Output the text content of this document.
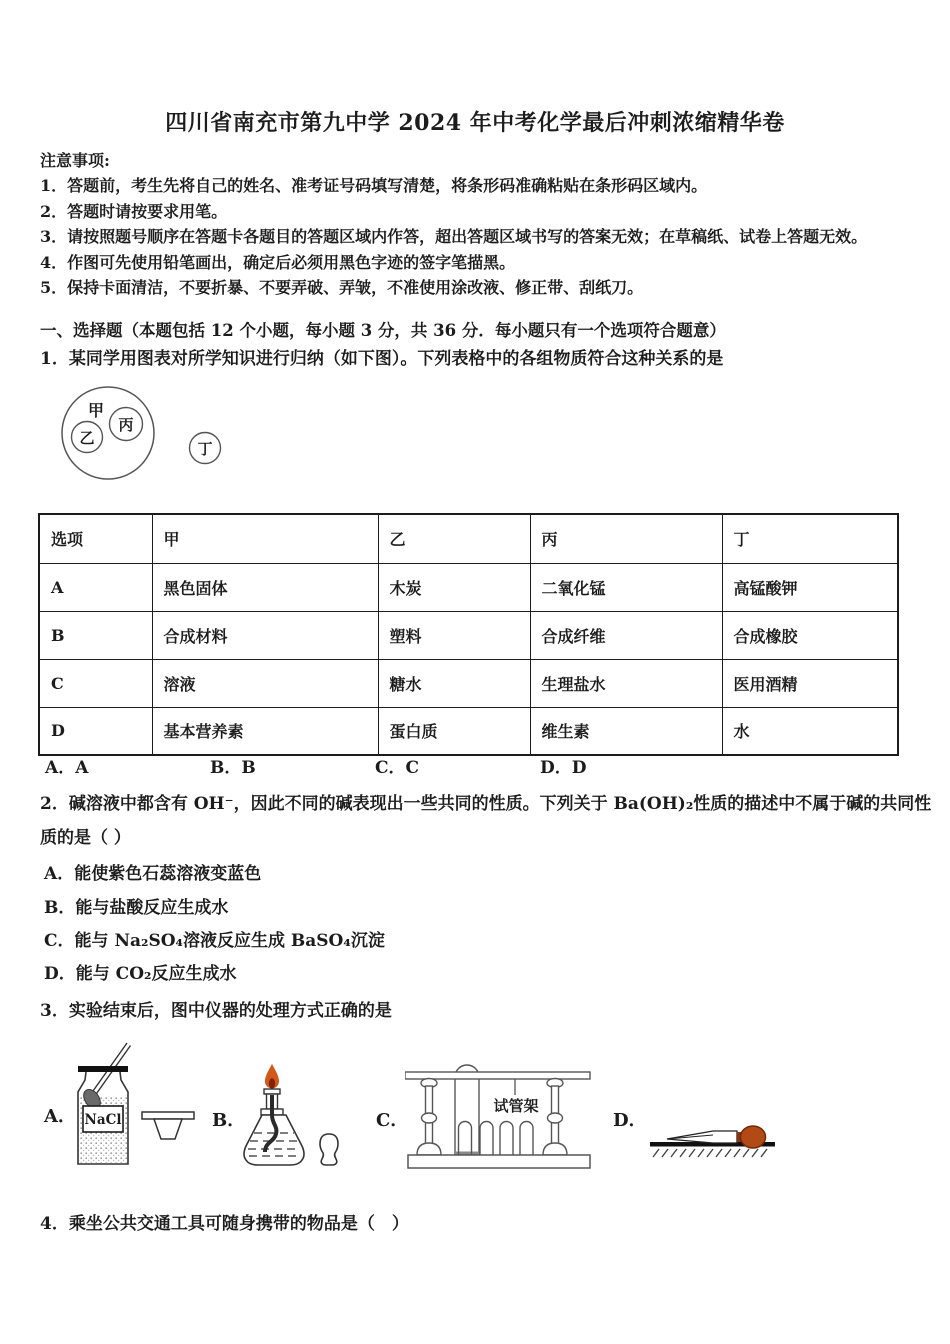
四川省南充市第九中学 2024 年中考化学最后冲刺浓缩精华卷
注意事项:
1．答题前，考生先将自己的姓名、准考证号码填写清楚，将条形码准确粘贴在条形码区域内。
2．答题时请按要求用笔。
3．请按照题号顺序在答题卡各题目的答题区域内作答，超出答题区域书写的答案无效；在草稿纸、试卷上答题无效。
4．作图可先使用铅笔画出，确定后必须用黑色字迹的签字笔描黑。
5．保持卡面清洁，不要折暴、不要弄破、弄皱，不准使用涂改液、修正带、刮纸刀。
一、选择题（本题包括 12 个小题，每小题 3 分，共 36 分．每小题只有一个选项符合题意）
1．某同学用图表对所学知识进行归纳（如下图）。下列表格中的各组物质符合这种关系的是
甲
丙
乙
丁
选项	甲	乙	丙	丁
A	黑色固体	木炭	二氧化锰	高锰酸钾
B	合成材料	塑料	合成纤维	合成橡胶
C	溶液	糖水	生理盐水	医用酒精
D	基本营养素	蛋白质	维生素	水
A．A	B．B	C．C	D．D
2．碱溶液中都含有 OH⁻，因此不同的碱表现出一些共同的性质。下列关于 Ba(OH)₂性质的描述中不属于碱的共同性
质的是（ ）
A．能使紫色石蕊溶液变蓝色
B．能与盐酸反应生成水
C．能与 Na₂SO₄溶液反应生成 BaSO₄沉淀
D．能与 CO₂反应生成水
3．实验结束后，图中仪器的处理方式正确的是
A．	B．	C．	D．
NaCl
试管架
4．乘坐公共交通工具可随身携带的物品是（　）
